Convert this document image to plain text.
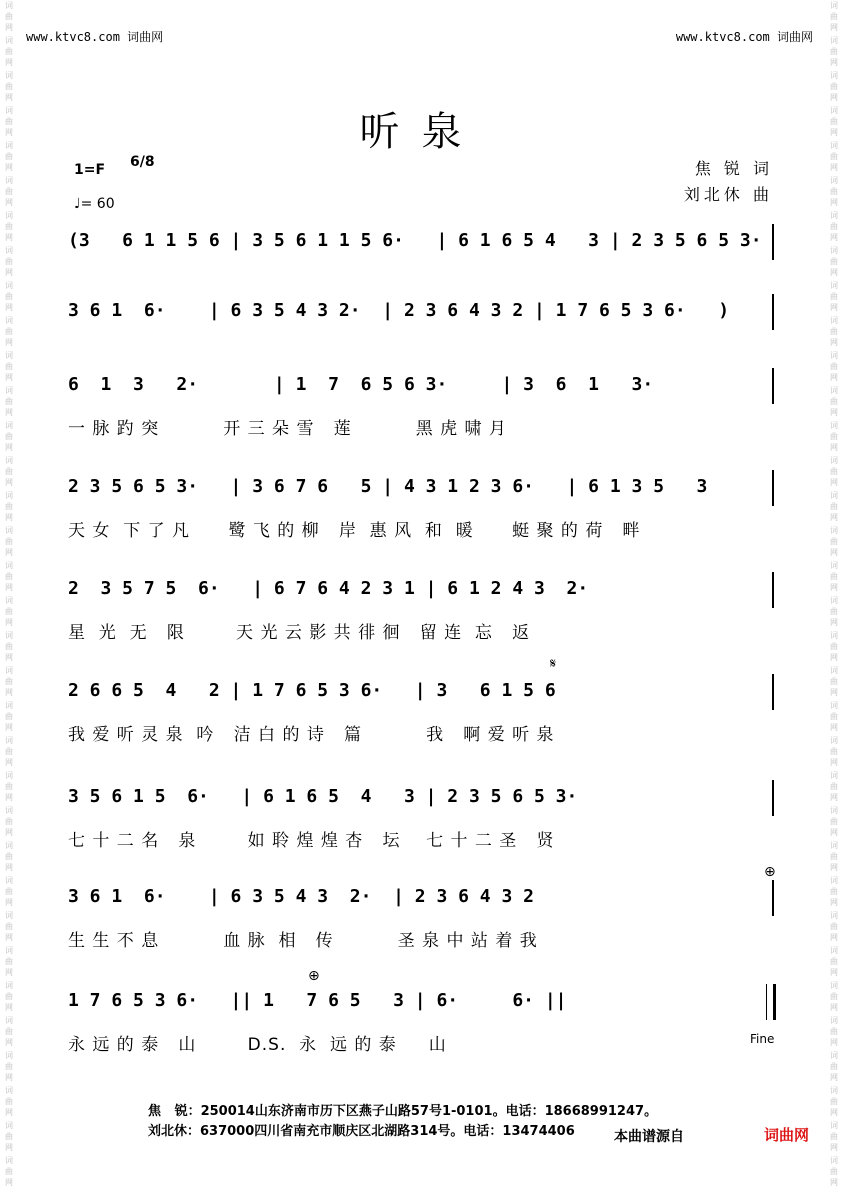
词曲网
词曲网
词曲网
词曲网
词曲网
词曲网
词曲网
词曲网
词曲网
词曲网
词曲网
词曲网
词曲网
词曲网
词曲网
词曲网
词曲网
词曲网
词曲网
词曲网
词曲网
词曲网
词曲网
词曲网
词曲网
词曲网
词曲网
词曲网
词曲网
词曲网
词曲网
词曲网
词曲网
词曲网
词曲网
词曲网
词曲网
词曲网
词曲网
词曲网
词曲网
词曲网
词曲网
词曲网
词曲网
词曲网
词曲网
词曲网
词曲网
词曲网
词曲网
词曲网
词曲网
词曲网
词曲网
词曲网
词曲网
词曲网
词曲网
词曲网
词曲网
词曲网
词曲网
词曲网
词曲网
词曲网
词曲网
词曲网
www.ktvc8.com 词曲网	www.ktvc8.com 词曲网
听泉
1=F 6/8
♩= 60
焦 锐 词
刘北休 曲
(3   6 1 1 5 6 | 3 5 6 1 1 5 6·   | 6 1 6 5 4   3 | 2 3 5 6 5 3·
3 6 1  6·    | 6 3 5 4 3 2·  | 2 3 6 4 3 2 | 1 7 6 5 3 6·   )
6  1  3   2·       | 1  7  6 5 6 3·     | 3  6  1   3·
一 脉 趵 突          开 三 朵 雪   莲          黑 虎 啸 月
2 3 5 6 5 3·   | 3 6 7 6   5 | 4 3 1 2 3 6·   | 6 1 3 5   3
天 女  下 了 凡      鹭 飞 的 柳   岸  惠 风  和  暖      蜓 聚 的 荷   畔
2  3 5 7 5  6·   | 6 7 6 4 2 3 1 | 6 1 2 4 3  2·
星  光  无   限        天 光 云 影 共 徘 徊   留 连  忘   返
𝄋
2 6 6 5  4   2 | 1 7 6 5 3 6·   | 3   6 1 5 6
我 爱 听 灵 泉  吟   洁 白 的 诗   篇          我   啊 爱 听 泉
3 5 6 1 5  6·   | 6 1 6 5  4   3 | 2 3 5 6 5 3·
七 十 二 名   泉        如 聆 煌 煌 杏   坛    七 十 二 圣   贤
⊕
3 6 1  6·    | 6 3 5 4 3  2·  | 2 3 6 4 3 2
生 生 不 息          血 脉  相   传          圣 泉 中 站 着 我
⊕
1 7 6 5 3 6·   || 1   7 6 5   3 | 6·     6· ||
永 远 的 泰   山        D.S.  永  远 的 泰     山	Fine
焦   锐：250014山东济南市历下区燕子山路57号1-0101。电话：18668991247。
刘北休：637000四川省南充市顺庆区北湖路314号。电话：13474406	本曲谱源自	词曲网
